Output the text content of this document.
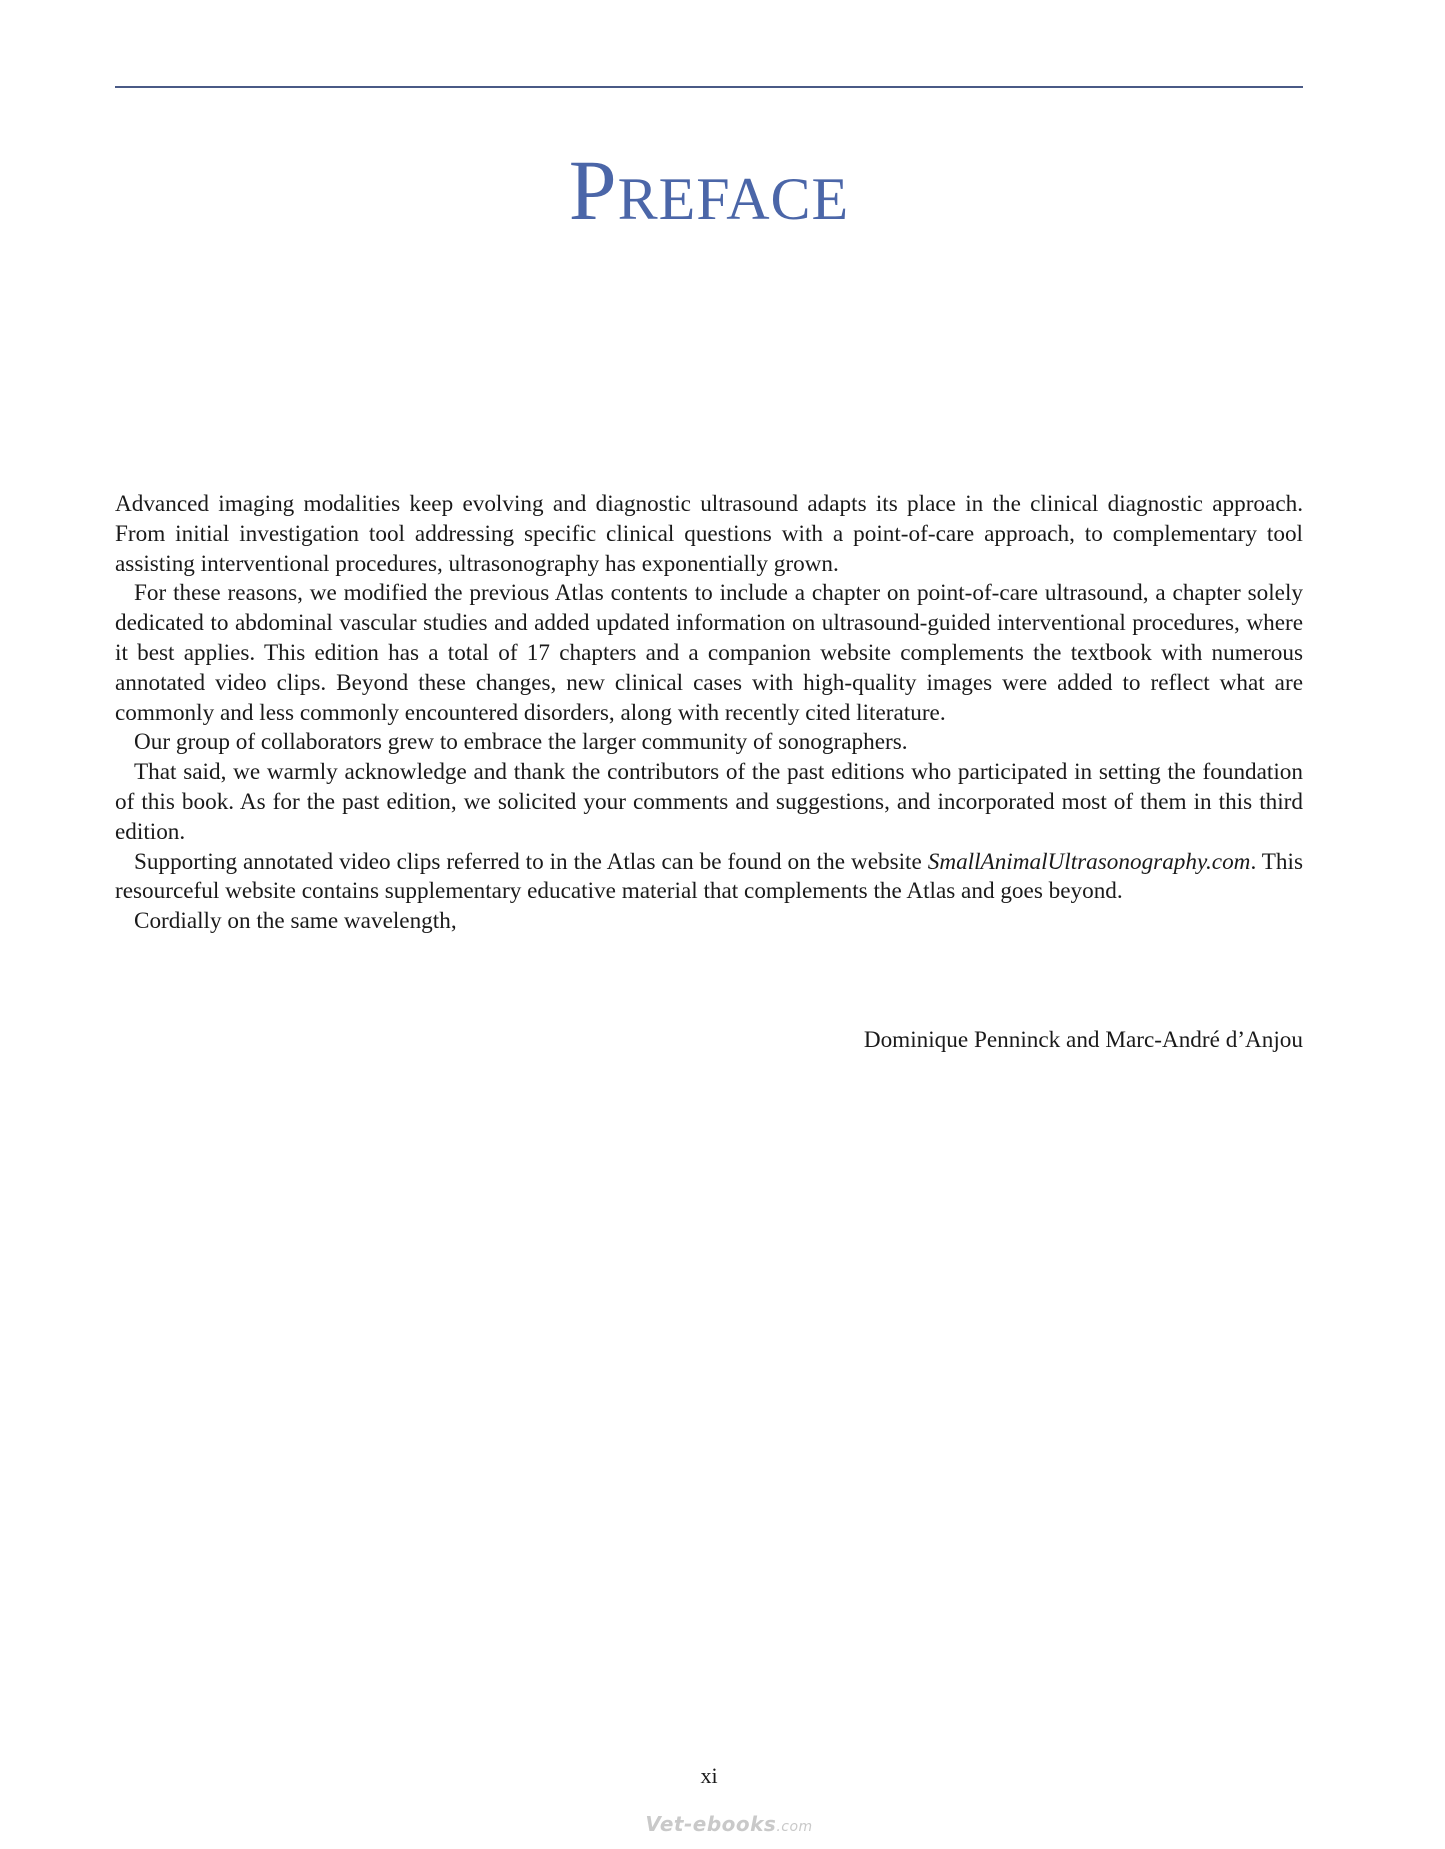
Preface

Advanced imaging modalities keep evolving and diagnostic ultrasound adapts its place in the clinical diagnostic approach. From initial investigation tool addressing specific clinical questions with a point-of-care approach, to complementary tool assisting interventional procedures, ultrasonography has exponentially grown.

For these reasons, we modified the previous Atlas contents to include a chapter on point-of-care ultrasound, a chapter solely dedicated to abdominal vascular studies and added updated information on ultrasound-guided interventional procedures, where it best applies. This edition has a total of 17 chapters and a companion website complements the textbook with numerous annotated video clips. Beyond these changes, new clinical cases with high-quality images were added to reflect what are commonly and less commonly encountered disorders, along with recently cited literature.

Our group of collaborators grew to embrace the larger community of sonographers.

That said, we warmly acknowledge and thank the contributors of the past editions who participated in setting the foundation of this book. As for the past edition, we solicited your comments and suggestions, and incorporated most of them in this third edition.

Supporting annotated video clips referred to in the Atlas can be found on the website SmallAnimalUltrasonography.com. This resourceful website contains supplementary educative material that complements the Atlas and goes beyond.

Cordially on the same wavelength,

Dominique Penninck and Marc-André d’Anjou

xi

Vet-ebooks.com
